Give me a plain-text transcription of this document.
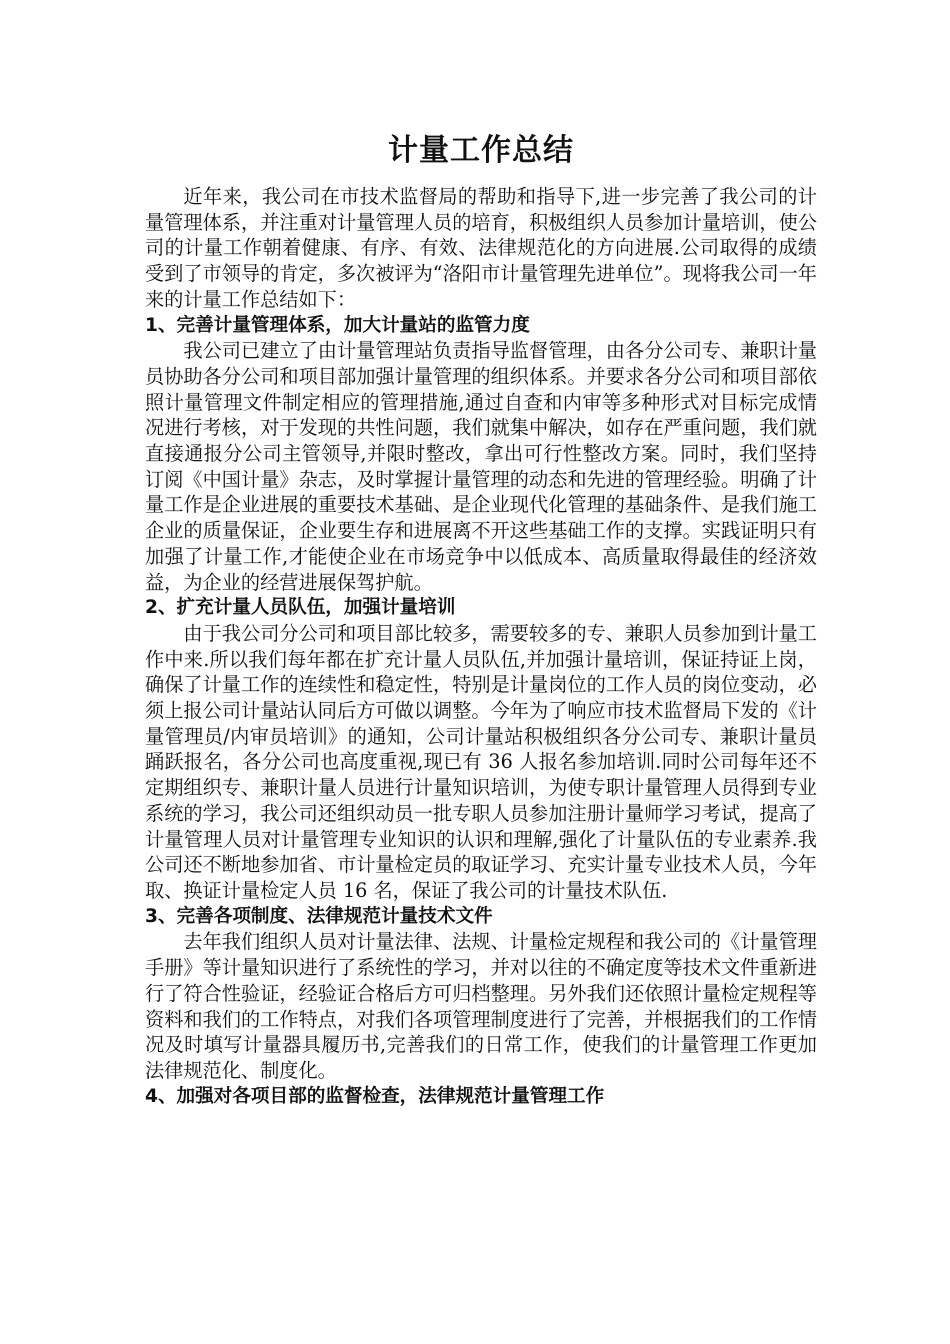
计量工作总结

近年来，我公司在市技术监督局的帮助和指导下,进一步完善了我公司的计量管理体系，并注重对计量管理人员的培育，积极组织人员参加计量培训，使公司的计量工作朝着健康、有序、有效、法律规范化的方向进展.公司取得的成绩受到了市领导的肯定，多次被评为“洛阳市计量管理先进单位”。现将我公司一年来的计量工作总结如下：

1、完善计量管理体系，加大计量站的监管力度

我公司已建立了由计量管理站负责指导监督管理，由各分公司专、兼职计量员协助各分公司和项目部加强计量管理的组织体系。并要求各分公司和项目部依照计量管理文件制定相应的管理措施,通过自查和内审等多种形式对目标完成情况进行考核，对于发现的共性问题，我们就集中解决，如存在严重问题，我们就直接通报分公司主管领导,并限时整改，拿出可行性整改方案。同时，我们坚持订阅《中国计量》杂志，及时掌握计量管理的动态和先进的管理经验。明确了计量工作是企业进展的重要技术基础、是企业现代化管理的基础条件、是我们施工企业的质量保证，企业要生存和进展离不开这些基础工作的支撑。实践证明只有加强了计量工作,才能使企业在市场竞争中以低成本、高质量取得最佳的经济效益，为企业的经营进展保驾护航。

2、扩充计量人员队伍，加强计量培训

由于我公司分公司和项目部比较多，需要较多的专、兼职人员参加到计量工作中来.所以我们每年都在扩充计量人员队伍,并加强计量培训，保证持证上岗，确保了计量工作的连续性和稳定性，特别是计量岗位的工作人员的岗位变动，必须上报公司计量站认同后方可做以调整。今年为了响应市技术监督局下发的《计量管理员/内审员培训》的通知，公司计量站积极组织各分公司专、兼职计量员踊跃报名，各分公司也高度重视,现已有 36 人报名参加培训.同时公司每年还不定期组织专、兼职计量人员进行计量知识培训，为使专职计量管理人员得到专业系统的学习，我公司还组织动员一批专职人员参加注册计量师学习考试，提高了计量管理人员对计量管理专业知识的认识和理解,强化了计量队伍的专业素养.我公司还不断地参加省、市计量检定员的取证学习、充实计量专业技术人员，今年取、换证计量检定人员 16 名，保证了我公司的计量技术队伍.

3、完善各项制度、法律规范计量技术文件

去年我们组织人员对计量法律、法规、计量检定规程和我公司的《计量管理手册》等计量知识进行了系统性的学习，并对以往的不确定度等技术文件重新进行了符合性验证，经验证合格后方可归档整理。另外我们还依照计量检定规程等资料和我们的工作特点，对我们各项管理制度进行了完善，并根据我们的工作情况及时填写计量器具履历书,完善我们的日常工作，使我们的计量管理工作更加法律规范化、制度化。

4、加强对各项目部的监督检查，法律规范计量管理工作
